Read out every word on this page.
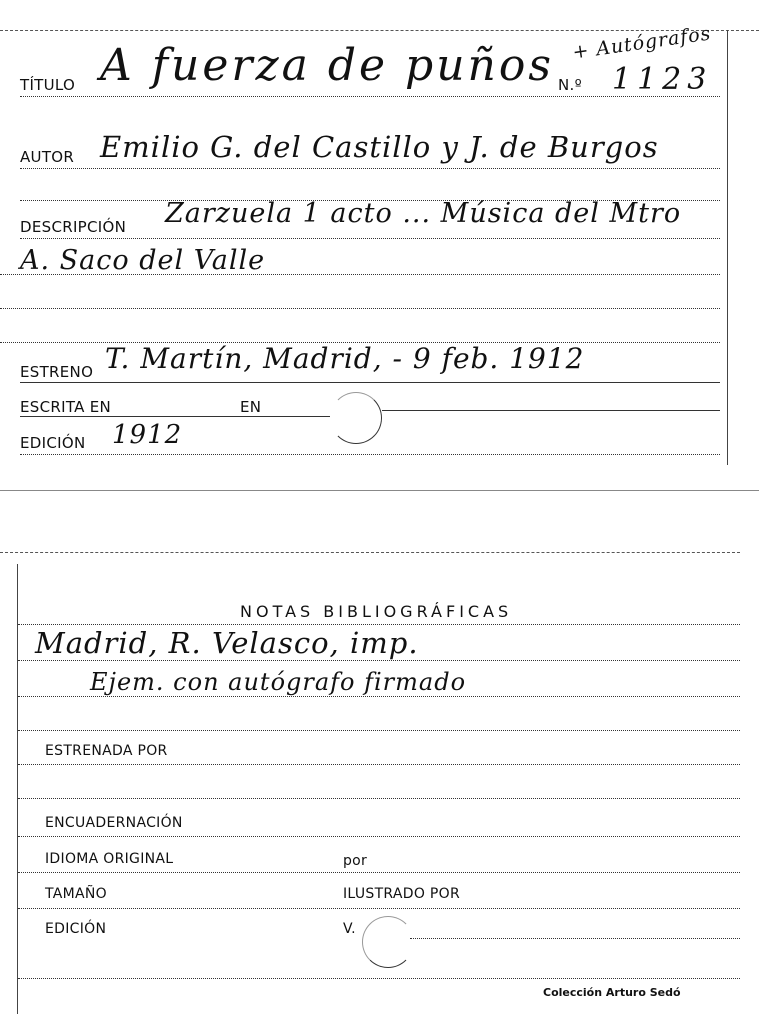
+ Autógrafos
TÍTULO A fuerza de puños N.º 1123
AUTOR Emilio G. del Castillo y J. de Burgos
DESCRIPCIÓN Zarzuela 1 acto ... Música del Mtro
A. Saco del Valle
ESTRENO T. Martín, Madrid, - 9 feb. 1912
ESCRITA EN	EN
EDICIÓN 1912
NOTAS BIBLIOGRÁFICAS
Madrid, R. Velasco, imp.
Ejem. con autógrafo firmado
ESTRENADA POR
ENCUADERNACIÓN
IDIOMA ORIGINAL	por
TAMAÑO	ILUSTRADO POR
EDICIÓN	V.
Colección Arturo Sedó
